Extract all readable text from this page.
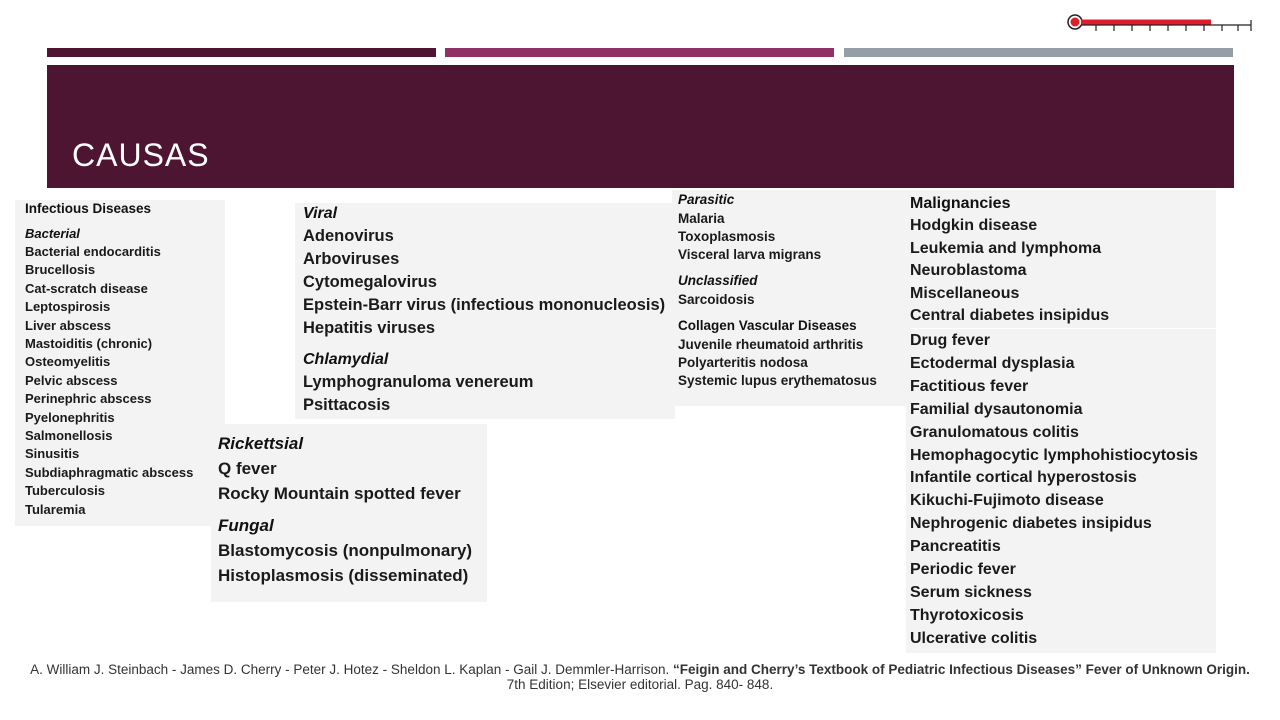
CAUSAS
Infectious Diseases
Bacterial
Bacterial endocarditis
Brucellosis
Cat-scratch disease
Leptospirosis
Liver abscess
Mastoiditis (chronic)
Osteomyelitis
Pelvic abscess
Perinephric abscess
Pyelonephritis
Salmonellosis
Sinusitis
Subdiaphragmatic abscess
Tuberculosis
Tularemia
Viral
Adenovirus
Arboviruses
Cytomegalovirus
Epstein-Barr virus (infectious mononucleosis)
Hepatitis viruses
Chlamydial
Lymphogranuloma venereum
Psittacosis
Rickettsial
Q fever
Rocky Mountain spotted fever
Fungal
Blastomycosis (nonpulmonary)
Histoplasmosis (disseminated)
Parasitic
Malaria
Toxoplasmosis
Visceral larva migrans
Unclassified
Sarcoidosis
Collagen Vascular Diseases
Juvenile rheumatoid arthritis
Polyarteritis nodosa
Systemic lupus erythematosus
Malignancies
Hodgkin disease
Leukemia and lymphoma
Neuroblastoma
Miscellaneous
Central diabetes insipidus
Drug fever
Ectodermal dysplasia
Factitious fever
Familial dysautonomia
Granulomatous colitis
Hemophagocytic lymphohistiocytosis
Infantile cortical hyperostosis
Kikuchi-Fujimoto disease
Nephrogenic diabetes insipidus
Pancreatitis
Periodic fever
Serum sickness
Thyrotoxicosis
Ulcerative colitis
A. William J. Steinbach - James D. Cherry - Peter J. Hotez - Sheldon L. Kaplan - Gail J. Demmler-Harrison. “Feigin and Cherry’s Textbook of Pediatric Infectious Diseases” Fever of Unknown Origin. 7th Edition; Elsevier editorial. Pag. 840- 848.
